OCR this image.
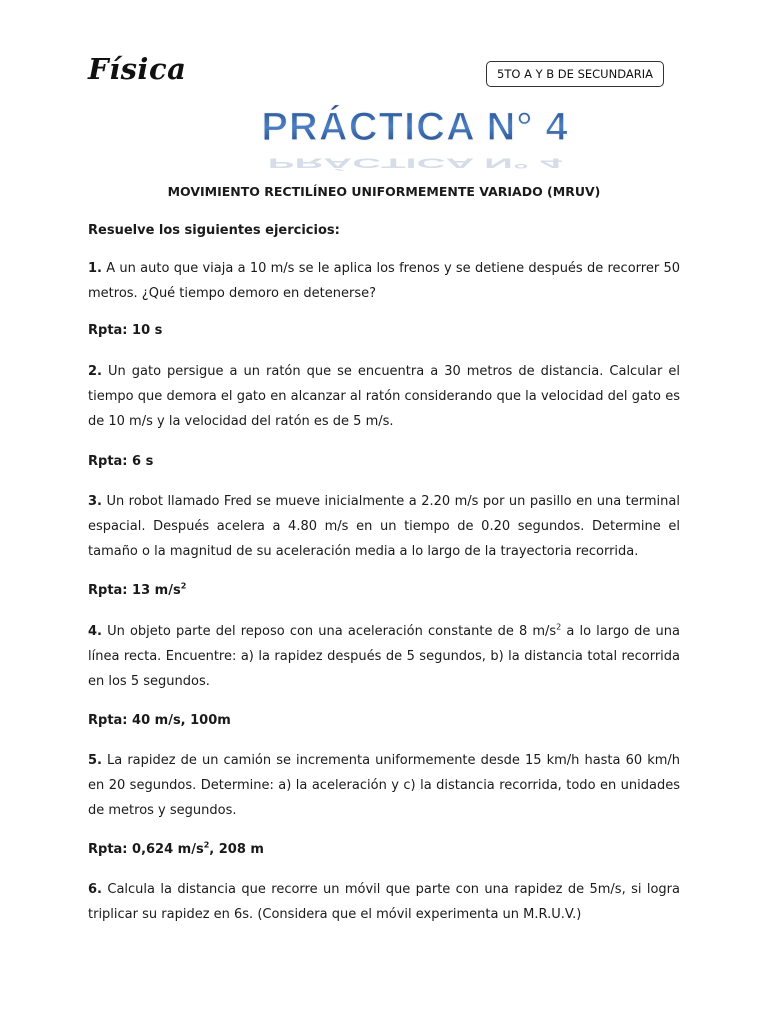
Física	5TO A Y B DE SECUNDARIA
PRÁCTICA N° 4
PRÁCTICA N° 4
MOVIMIENTO RECTILÍNEO UNIFORMEMENTE VARIADO (MRUV)
Resuelve los siguientes ejercicios:
1. A un auto que viaja a 10 m/s se le aplica los frenos y se detiene después de recorrer 50 metros. ¿Qué tiempo demoro en detenerse?
Rpta: 10 s
2. Un gato persigue a un ratón que se encuentra a 30 metros de distancia. Calcular el tiempo que demora el gato en alcanzar al ratón considerando que la velocidad del gato es de 10 m/s y la velocidad del ratón es de 5 m/s.
Rpta: 6 s
3. Un robot llamado Fred se mueve inicialmente a 2.20 m/s por un pasillo en una terminal espacial. Después acelera a 4.80 m/s en un tiempo de 0.20 segundos. Determine el tamaño o la magnitud de su aceleración media a lo largo de la trayectoria recorrida.
Rpta: 13 $m/s^2$
4. Un objeto parte del reposo con una aceleración constante de 8 $m/s^2$ a lo largo de una línea recta. Encuentre: a) la rapidez después de 5 segundos, b) la distancia total recorrida en los 5 segundos.
Rpta: 40 m/s, 100m
5. La rapidez de un camión se incrementa uniformemente desde 15 km/h hasta 60 km/h en 20 segundos. Determine: a) la aceleración y c) la distancia recorrida, todo en unidades de metros y segundos.
Rpta: 0,624 $m/s^2$, 208 m
6. Calcula la distancia que recorre un móvil que parte con una rapidez de 5m/s, si logra triplicar su rapidez en 6s. (Considera que el móvil experimenta un M.R.U.V.)
